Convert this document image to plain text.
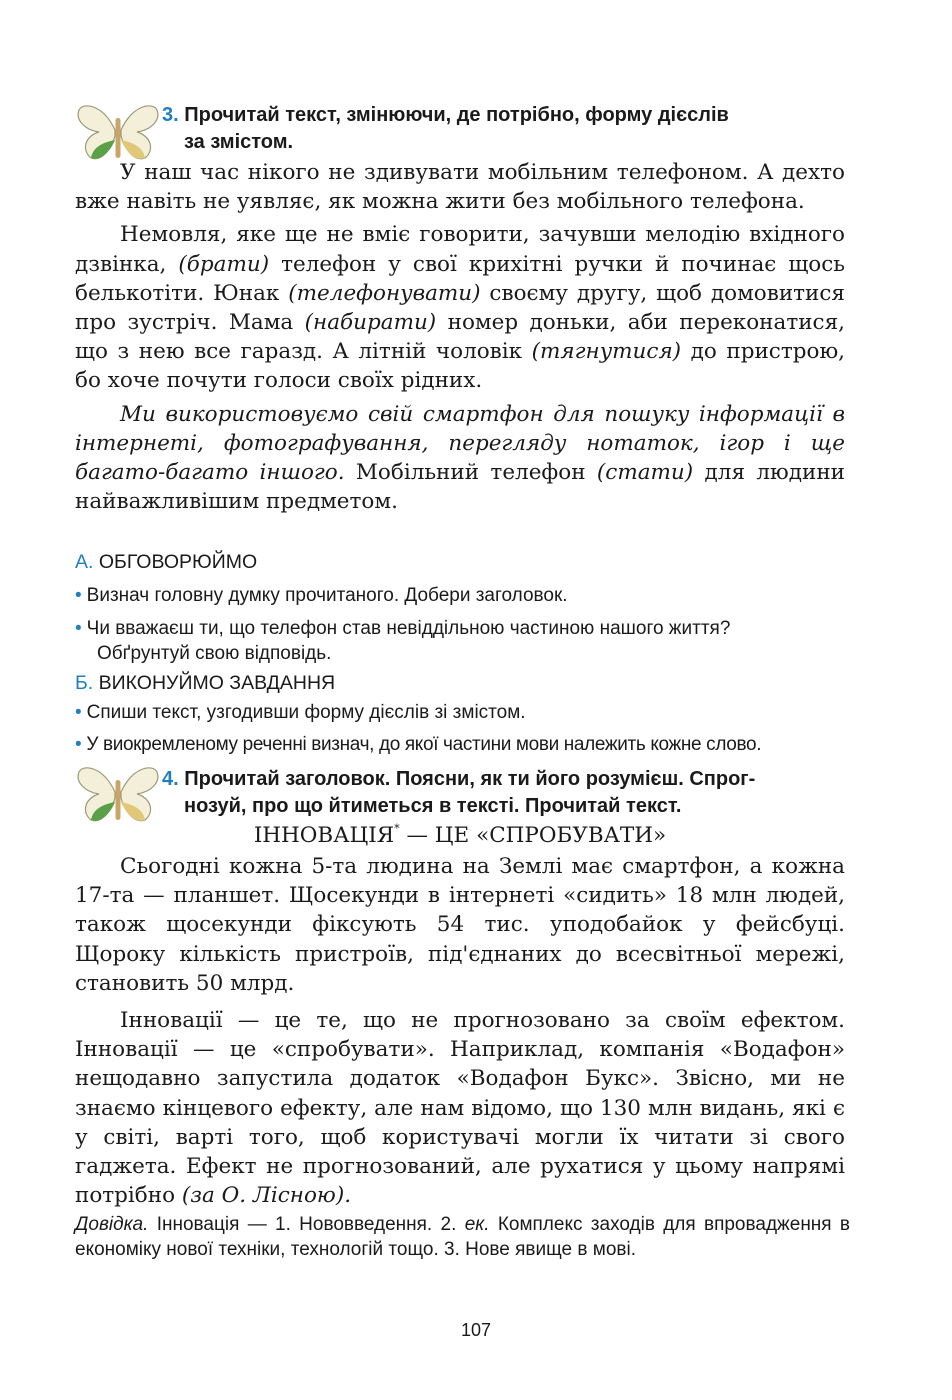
3. Прочитай текст, змінюючи, де потрібно, форму дієслів
за змістом.

У наш час нікого не здивувати мобільним телефоном. А дехто вже навіть не уявляє, як можна жити без мобільного телефона.

Немовля, яке ще не вміє говорити, зачувши мелодію вхідного дзвінка, (брати) телефон у свої крихітні ручки й починає щось белькотіти. Юнак (телефонувати) своєму другу, щоб домовитися про зустріч. Мама (набирати) номер доньки, аби переконатися, що з нею все гаразд. А літній чоловік (тягнутися) до пристрою, бо хоче почути голоси своїх рідних.

Ми використовуємо свій смартфон для пошуку інформації в інтернеті, фотографування, перегляду нотаток, ігор і ще багато-багато іншого. Мобільний телефон (стати) для людини найважливішим предметом.

А. ОБГОВОРЮЙМО
• Визнач головну думку прочитаного. Добери заголовок.
• Чи вважаєш ти, що телефон став невіддільною частиною нашого життя?
Обґрунтуй свою відповідь.
Б. ВИКОНУЙМО ЗАВДАННЯ
• Спиши текст, узгодивши форму дієслів зі змістом.
• У виокремленому реченні визнач, до якої частини мови належить кожне слово.
4. Прочитай заголовок. Поясни, як ти його розумієш. Спрог-
нозуй, про що йтиметься в тексті. Прочитай текст.
ІННОВАЦІЯ* — ЦЕ «СПРОБУВАТИ»

Сьогодні кожна 5-та людина на Землі має смартфон, а кожна 17-та — планшет. Щосекунди в інтернеті «сидить» 18 млн людей, також щосекунди фіксують 54 тис. уподобайок у фейсбуці. Щороку кількість пристроїв, під'єднаних до всесвітньої мережі, становить 50 млрд.

Інновації — це те, що не прогнозовано за своїм ефектом. Інновації — це «спробувати». Наприклад, компанія «Водафон» нещодавно запустила додаток «Водафон Букс». Звісно, ми не знаємо кінцевого ефекту, але нам відомо, що 130 млн видань, які є у світі, варті того, щоб користувачі могли їх читати зі свого гаджета. Ефект не прогнозований, але рухатися у цьому напрямі потрібно (за О. Лісною).

Довідка. Інновація — 1. Нововведення. 2. ек. Комплекс заходів для впровадження в економіку нової техніки, технологій тощо. 3. Нове явище в мові.
107
